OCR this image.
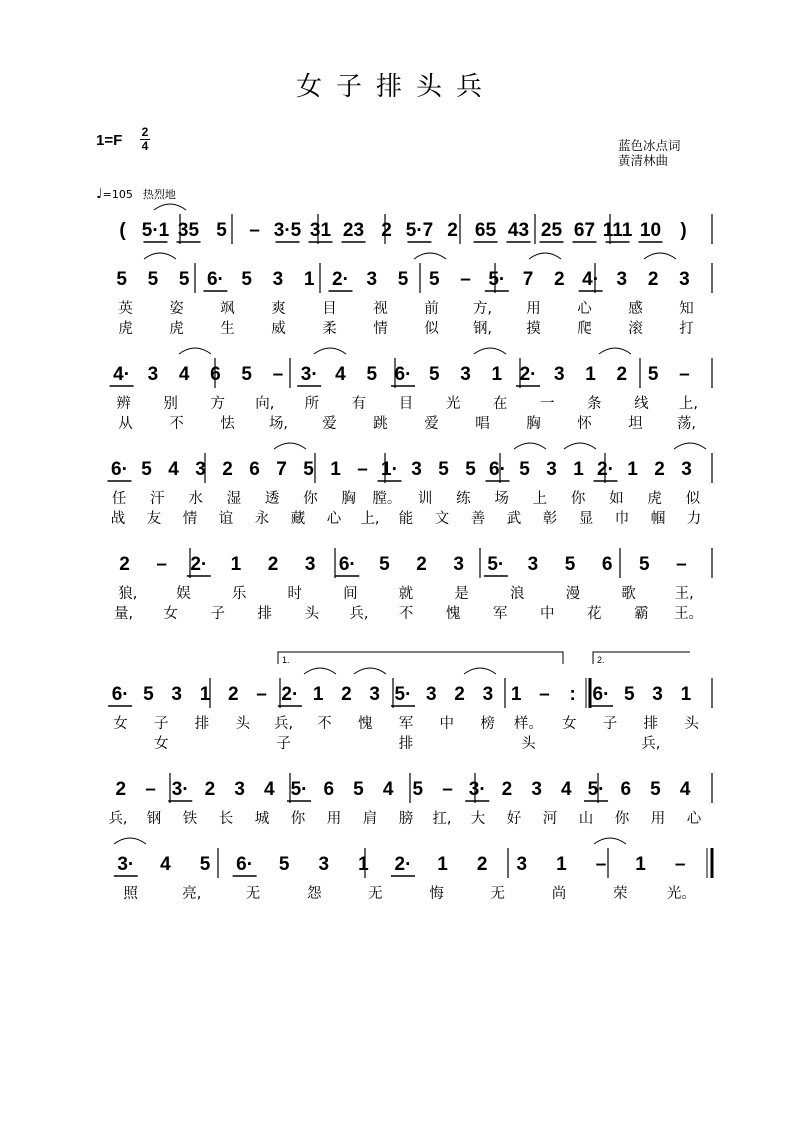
女子排头兵
1=F	2
4	蓝色冰点词
黄清林曲
♩=105 热烈地
( 5·1 35 5 – 3·5 31 23 2 5·7 2 65 43 25 67 111 10 )
5 5 5 6· 5 3 1 2· 3 5 5 – 5· 7 2 4· 3 2 3
英	姿	飒	爽	目	视	前 方, 用	心	感	知
虎	虎	生	威	柔	情	似 钢, 摸	爬	滚	打
4· 3 4 6 5 – 3· 4 5 6· 5 3 1 2· 3 1 2 5 –
辨 别 方 向, 所 有 目 光 在 一 条 线 上,
从	不	怯 场, 爱	跳	爱	唱	胸	怀	坦 荡,
6· 5 4 3 2 6 7 5 1 – 1· 3 5 5 6· 5 3 1 2· 1 2 3
任 汗 水 湿 透 你 胸 膛。 训 练 场 上 你 如 虎 似
战 友 情 谊 永 藏 心 上, 能 文 善 武 彰 显 巾 帼 力
2 – 2· 1 2 3 6· 5 2 3 5· 3 5 6 5 –
狼,	娱	乐	时	间	就	是	浪	漫	歌	王,
量, 女 子 排 头 兵, 不 愧 军 中 花 霸 王。
6· 5 3 1 2 – 2· 1 2 3 5· 3 2 3 1 – : 6· 5 3 1
女 子 排 头 兵, 不 愧 军 中 榜 样。 女 子 排 头
女	子	排	头	兵,
2 – 3· 2 3 4 5· 6 5 4 5 – 3· 2 3 4 5· 6 5 4
兵, 钢 铁 长 城 你 用 肩 膀 扛, 大 好 河 山 你 用 心
3· 4 5 6· 5 3 1 2· 1 2 3 1 – 1 –
照	亮,	无	怨	无	悔	无	尚	荣	光。
1.	2.
